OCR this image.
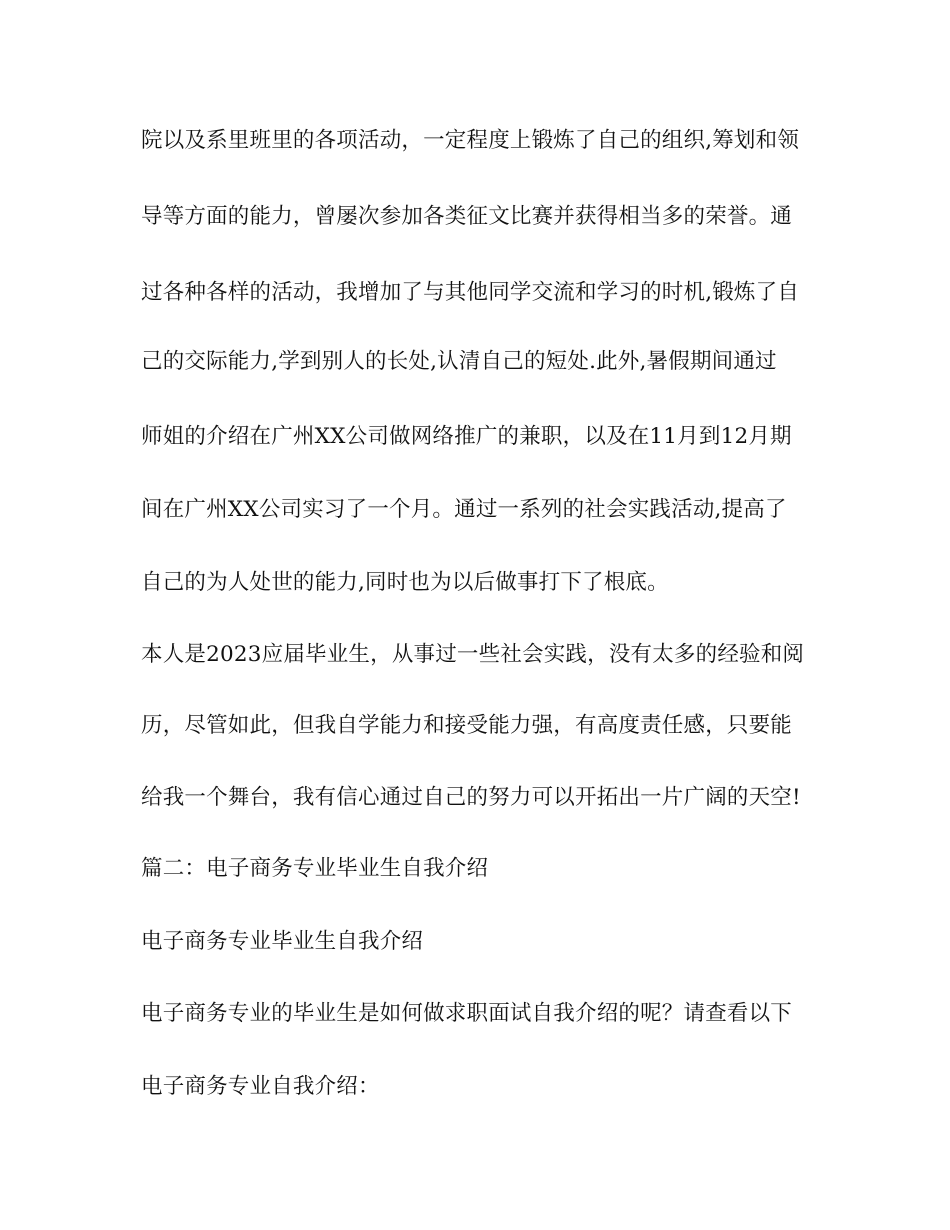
院以及系里班里的各项活动，一定程度上锻炼了自己的组织,筹划和领
导等方面的能力，曾屡次参加各类征文比赛并获得相当多的荣誉。通
过各种各样的活动，我增加了与其他同学交流和学习的时机,锻炼了自
己的交际能力,学到别人的长处,认清自己的短处.此外,暑假期间通过
师姐的介绍在广州XX公司做网络推广的兼职，以及在11月到12月期
间在广州XX公司实习了一个月。通过一系列的社会实践活动,提高了
自己的为人处世的能力,同时也为以后做事打下了根底。
本人是2023应届毕业生，从事过一些社会实践，没有太多的经验和阅
历，尽管如此，但我自学能力和接受能力强，有高度责任感，只要能
给我一个舞台，我有信心通过自己的努力可以开拓出一片广阔的天空!
篇二：电子商务专业毕业生自我介绍
电子商务专业毕业生自我介绍
电子商务专业的毕业生是如何做求职面试自我介绍的呢？请查看以下
电子商务专业自我介绍：
